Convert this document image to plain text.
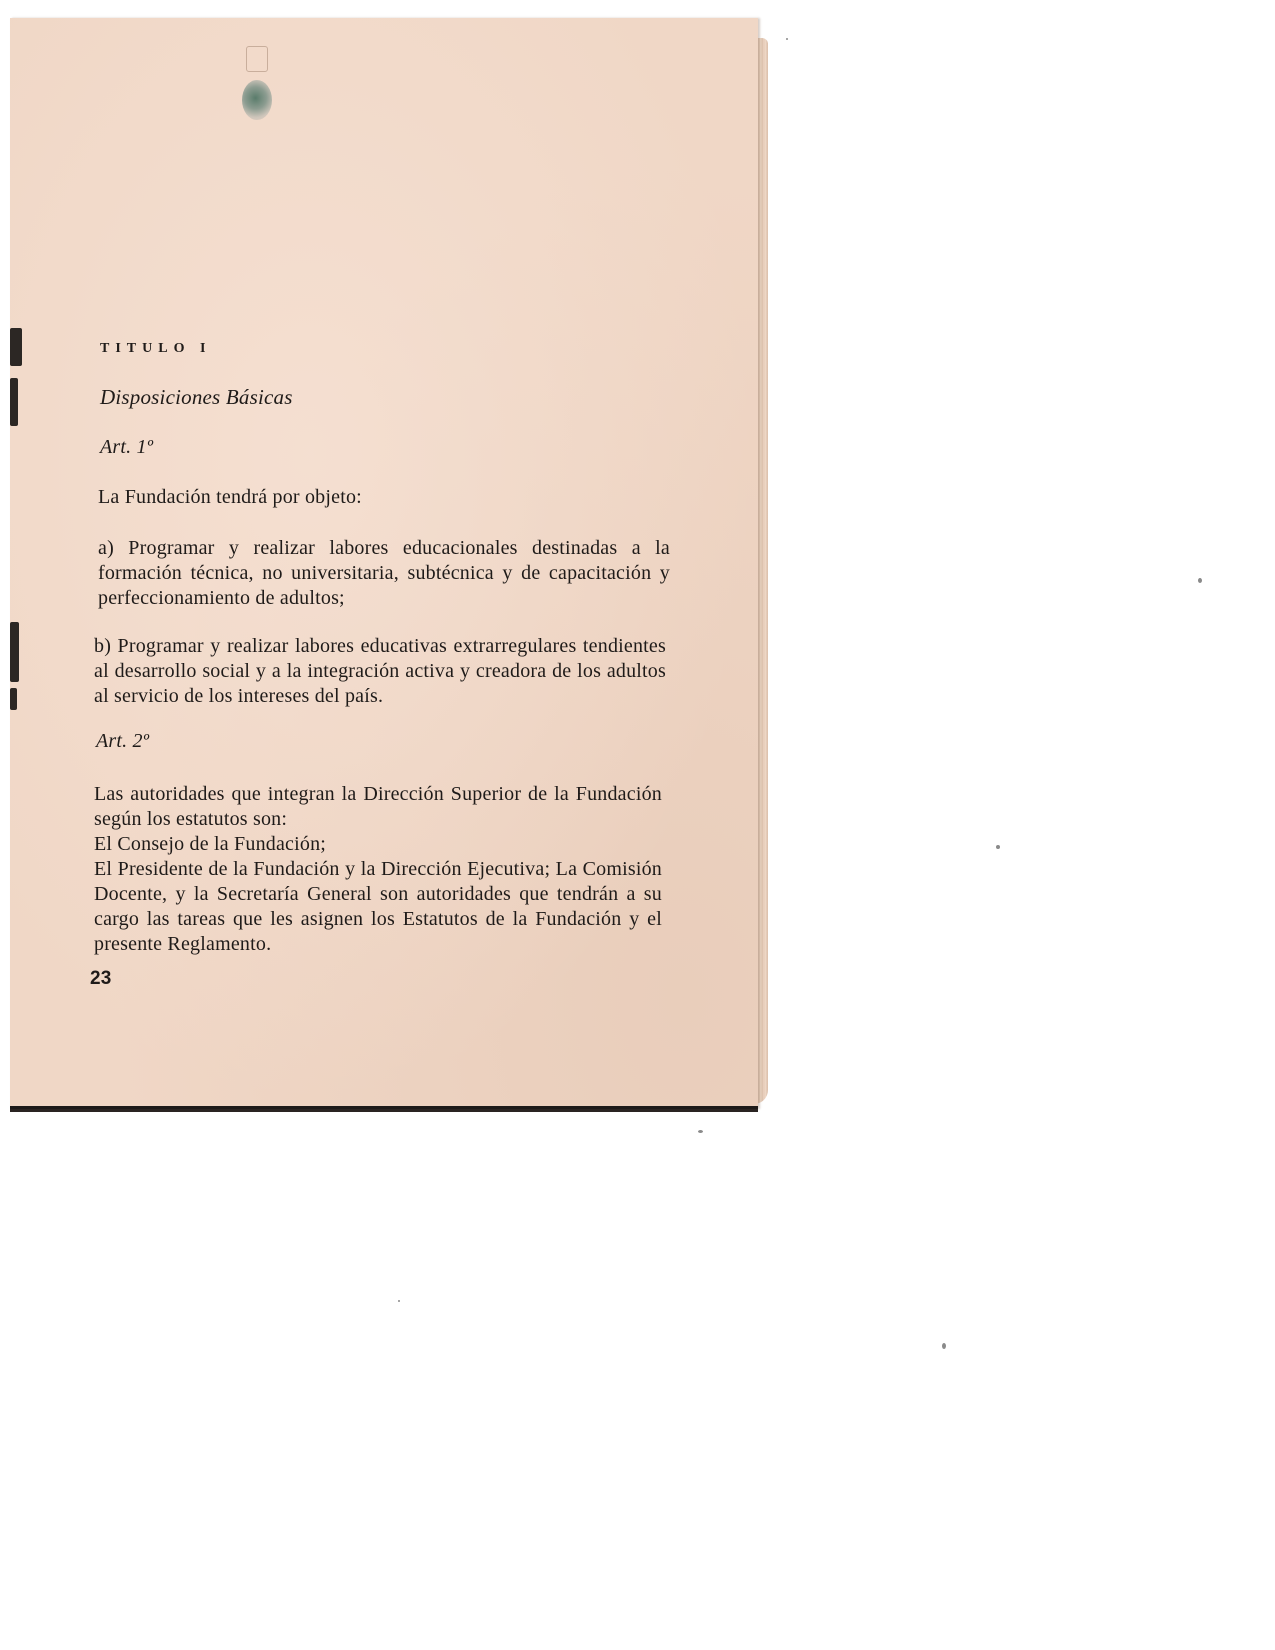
TITULO I
Disposiciones Básicas
Art. 1º
La Fundación tendrá por objeto:
a) Programar y realizar labores educacionales destinadas a la formación técnica, no universitaria, subtécnica y de capacitación y perfeccionamiento de adultos;
b) Programar y realizar labores educativas extrarregulares tendientes al desarrollo social y a la integración activa y creadora de los adultos al servicio de los intereses del país.
Art. 2º
Las autoridades que integran la Dirección Superior de la Fundación según los estatutos son:
El Consejo de la Fundación;
El Presidente de la Fundación y la Dirección Ejecutiva; La Comisión Docente, y la Secretaría General son autoridades que tendrán a su cargo las tareas que les asignen los Estatutos de la Fundación y el presente Reglamento.
23
